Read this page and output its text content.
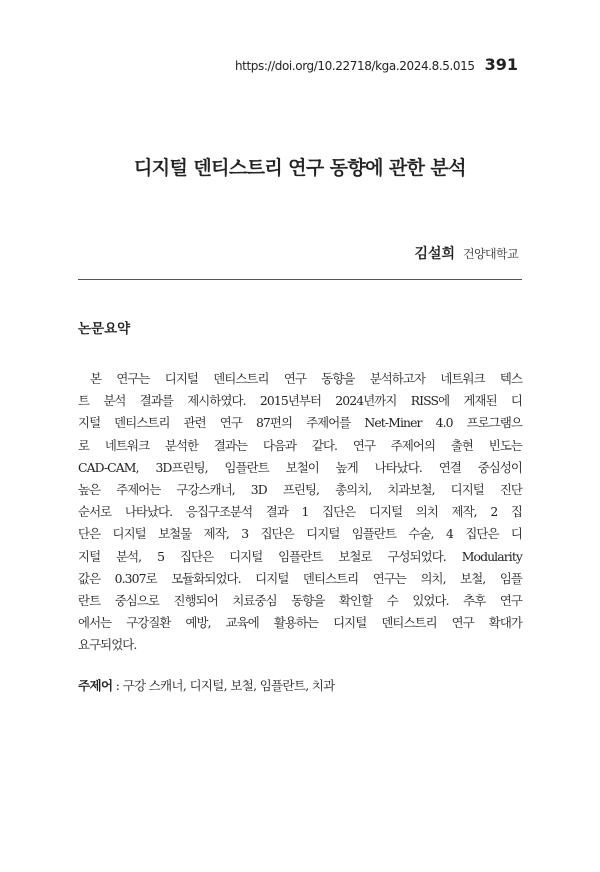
https://doi.org/10.22718/kga.2024.8.5.015 391
디지털 덴티스트리 연구 동향에 관한 분석
김설희 건양대학교
논문요약
본 연구는 디지털 덴티스트리 연구 동향을 분석하고자 네트워크 텍스
트 분석 결과를 제시하였다. 2015년부터 2024년까지 RISS에 게재된 디
지털 덴티스트리 관련 연구 87편의 주제어를 Net-Miner 4.0 프로그램으
로 네트워크 분석한 결과는 다음과 같다. 연구 주제어의 출현 빈도는
CAD-CAM, 3D프린팅, 임플란트 보철이 높게 나타났다. 연결 중심성이
높은 주제어는 구강스캐너, 3D 프린팅, 총의치, 치과보철, 디지털 진단
순서로 나타났다. 응집구조분석 결과 1 집단은 디지털 의치 제작, 2 집
단은 디지털 보철물 제작, 3 집단은 디지털 임플란트 수술, 4 집단은 디
지털 분석, 5 집단은 디지털 임플란트 보철로 구성되었다. Modularity
값은 0.307로 모듈화되었다. 디지털 덴티스트리 연구는 의치, 보철, 임플
란트 중심으로 진행되어 치료중심 동향을 확인할 수 있었다. 추후 연구
에서는 구강질환 예방, 교육에 활용하는 디지털 덴티스트리 연구 확대가
요구되었다.
주제어 : 구강 스캐너, 디지털, 보철, 임플란트, 치과
